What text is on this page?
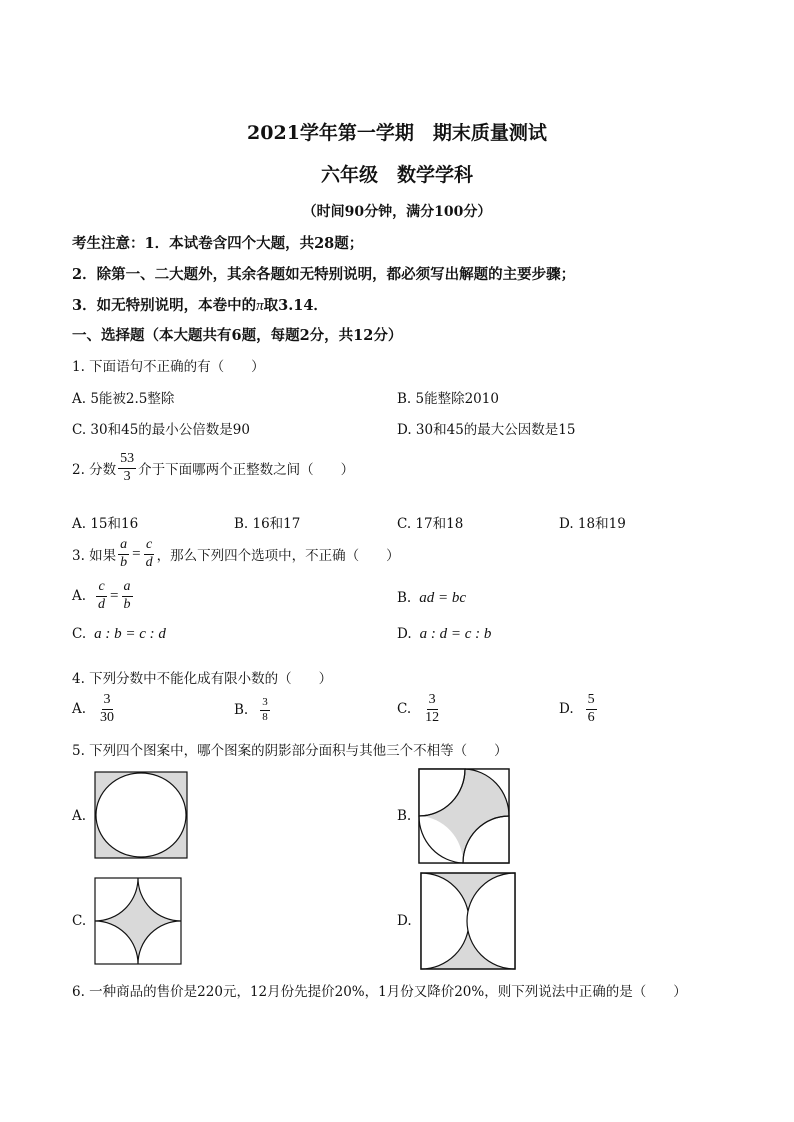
2021学年第一学期　期末质量测试
六年级　数学学科
（时间90分钟，满分100分）
考生注意：1．本试卷含四个大题，共28题；
2．除第一、二大题外，其余各题如无特别说明，都必须写出解题的主要步骤；
3．如无特别说明，本卷中的π取3.14．
一、选择题（本大题共有6题，每题2分，共12分）
1. 下面语句不正确的有（　　）
A. 5能被2.5整除	B. 5能整除2010
C. 30和45的最小公倍数是90	D. 30和45的最大公因数是15
2. 分数 $\frac{53}{3}$ 介于下面哪两个正整数之间（　　）
A. 15和16	B. 16和17	C. 17和18	D. 18和19
3. 如果 $\frac{a}{b} = \frac{c}{d}$ ，那么下列四个选项中，不正确（　　）
A. $\frac{c}{d} = \frac{a}{b}$	B. ad = bc
C. a : b = c : d	D. a : d = c : b
4. 下列分数中不能化成有限小数的（　　）
A. $\frac{3}{30}$	B. $\frac{3}{8}$	C. $\frac{3}{12}$	D. $\frac{5}{6}$
5. 下列四个图案中，哪个图案的阴影部分面积与其他三个不相等（　　）
A.	B.
C.	D.
6. 一种商品的售价是220元，12月份先提价20%，1月份又降价20%，则下列说法中正确的是（　　）
